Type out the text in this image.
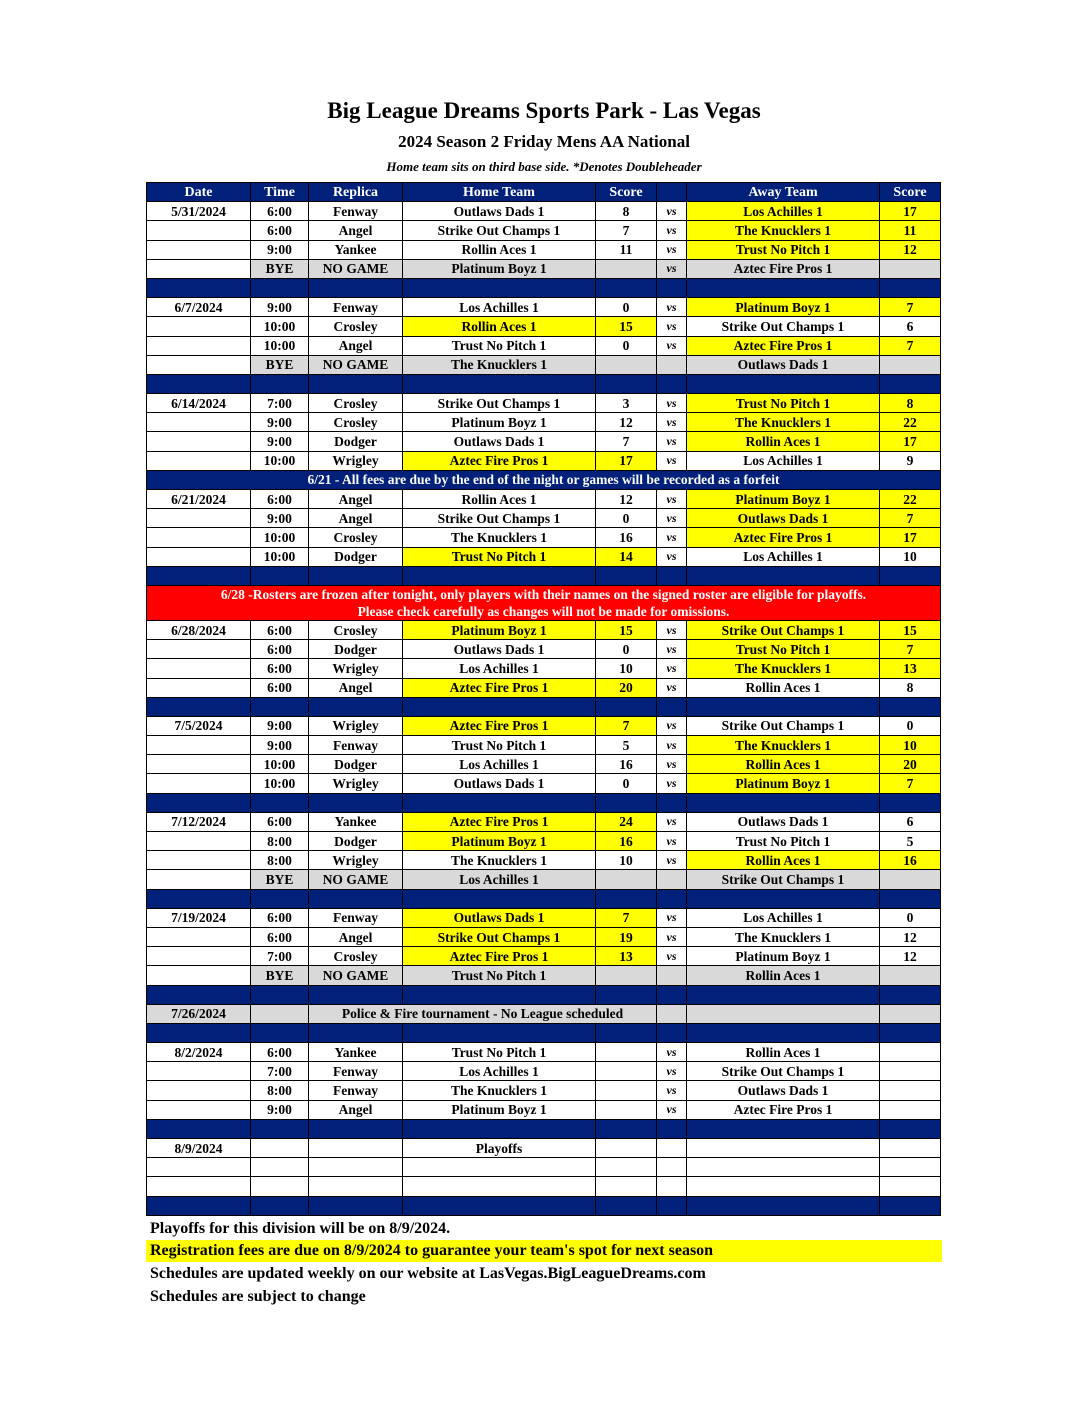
Big League Dreams Sports Park - Las Vegas
2024 Season 2 Friday Mens AA National
Home team sits on third base side. *Denotes Doubleheader
Date	Time	Replica	Home Team	Score		Away Team	Score
5/31/2024	6:00	Fenway	Outlaws Dads 1	8	vs	Los Achilles 1	17
	6:00	Angel	Strike Out Champs 1	7	vs	The Knucklers 1	11
	9:00	Yankee	Rollin Aces 1	11	vs	Trust No Pitch 1	12
	BYE	NO GAME	Platinum Boyz 1		vs	Aztec Fire Pros 1	

6/7/2024	9:00	Fenway	Los Achilles 1	0	vs	Platinum Boyz 1	7
	10:00	Crosley	Rollin Aces 1	15	vs	Strike Out Champs 1	6
	10:00	Angel	Trust No Pitch 1	0	vs	Aztec Fire Pros 1	7
	BYE	NO GAME	The Knucklers 1			Outlaws Dads 1	

6/14/2024	7:00	Crosley	Strike Out Champs 1	3	vs	Trust No Pitch 1	8
	9:00	Crosley	Platinum Boyz 1	12	vs	The Knucklers 1	22
	9:00	Dodger	Outlaws Dads 1	7	vs	Rollin Aces 1	17
	10:00	Wrigley	Aztec Fire Pros 1	17	vs	Los Achilles 1	9
6/21 - All fees are due by the end of the night or games will be recorded as a forfeit							
6/21/2024	6:00	Angel	Rollin Aces 1	12	vs	Platinum Boyz 1	22
	9:00	Angel	Strike Out Champs 1	0	vs	Outlaws Dads 1	7
	10:00	Crosley	The Knucklers 1	16	vs	Aztec Fire Pros 1	17
	10:00	Dodger	Trust No Pitch 1	14	vs	Los Achilles 1	10

6/28 -Rosters are frozen after tonight, only players with their names on the signed roster are eligible for playoffs.
Please check carefully as changes will not be made for omissions.							

6/28/2024	6:00	Crosley	Platinum Boyz 1	15	vs	Strike Out Champs 1	15
	6:00	Dodger	Outlaws Dads 1	0	vs	Trust No Pitch 1	7
	6:00	Wrigley	Los Achilles 1	10	vs	The Knucklers 1	13
	6:00	Angel	Aztec Fire Pros 1	20	vs	Rollin Aces 1	8

7/5/2024	9:00	Wrigley	Aztec Fire Pros 1	7	vs	Strike Out Champs 1	0
	9:00	Fenway	Trust No Pitch 1	5	vs	The Knucklers 1	10
	10:00	Dodger	Los Achilles 1	16	vs	Rollin Aces 1	20
	10:00	Wrigley	Outlaws Dads 1	0	vs	Platinum Boyz 1	7

7/12/2024	6:00	Yankee	Aztec Fire Pros 1	24	vs	Outlaws Dads 1	6
	8:00	Dodger	Platinum Boyz 1	16	vs	Trust No Pitch 1	5
	8:00	Wrigley	The Knucklers 1	10	vs	Rollin Aces 1	16
	BYE	NO GAME	Los Achilles 1			Strike Out Champs 1	

7/19/2024	6:00	Fenway	Outlaws Dads 1	7	vs	Los Achilles 1	0
	6:00	Angel	Strike Out Champs 1	19	vs	The Knucklers 1	12
	7:00	Crosley	Aztec Fire Pros 1	13	vs	Platinum Boyz 1	12
	BYE	NO GAME	Trust No Pitch 1			Rollin Aces 1	

7/26/2024		Police & Fire tournament - No League scheduled					

8/2/2024	6:00	Yankee	Trust No Pitch 1		vs	Rollin Aces 1	
	7:00	Fenway	Los Achilles 1		vs	Strike Out Champs 1	
	8:00	Fenway	The Knucklers 1		vs	Outlaws Dads 1	
	9:00	Angel	Platinum Boyz 1		vs	Aztec Fire Pros 1	

8/9/2024			Playoffs				

Playoffs for this division will be on 8/9/2024.
Registration fees are due on 8/9/2024 to guarantee your team's spot for next season
Schedules are updated weekly on our website at LasVegas.BigLeagueDreams.com
Schedules are subject to change
